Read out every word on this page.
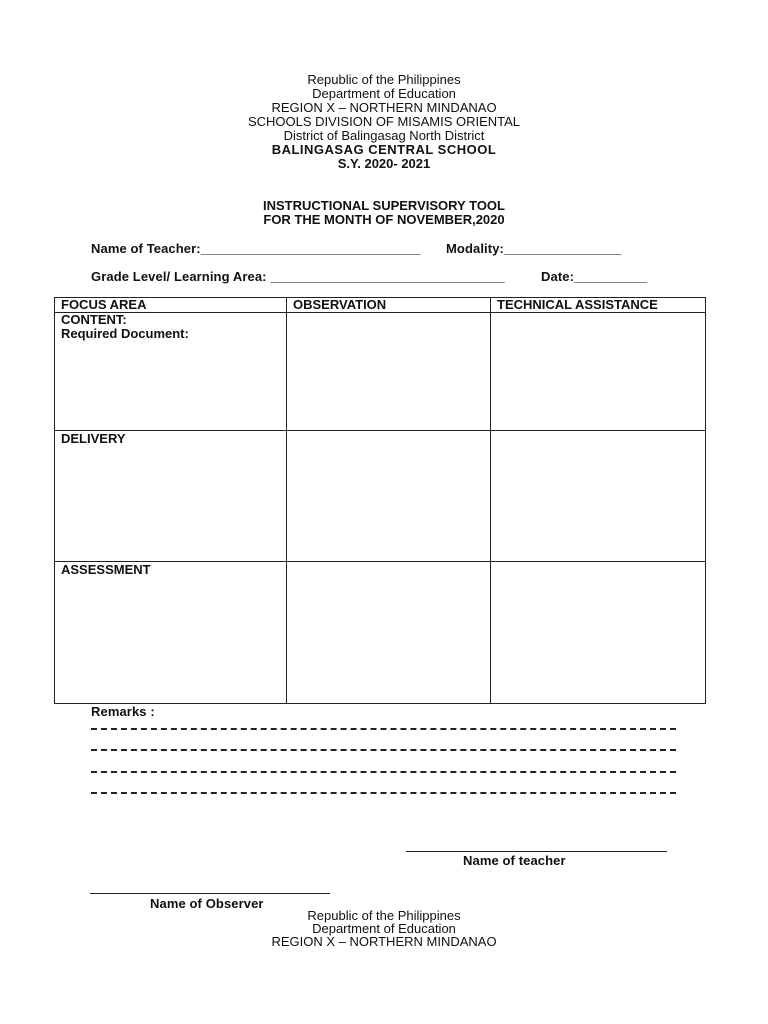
Republic of the Philippines
Department of Education
REGION X – NORTHERN MINDANAO
SCHOOLS DIVISION OF MISAMIS ORIENTAL
District of Balingasag North District
BALINGASAG CENTRAL SCHOOL
S.Y. 2020- 2021
INSTRUCTIONAL SUPERVISORY TOOL
FOR THE MONTH OF NOVEMBER,2020
Name of Teacher:______________________________ Modality:________________
Grade Level/ Learning Area: ________________________________	Date:__________
FOCUS AREA	OBSERVATION	TECHNICAL ASSISTANCE

CONTENT:
Required Document:		

DELIVERY		

ASSESSMENT		

Remarks :
Name of teacher
Name of Observer
Republic of the Philippines
Department of Education
REGION X – NORTHERN MINDANAO
